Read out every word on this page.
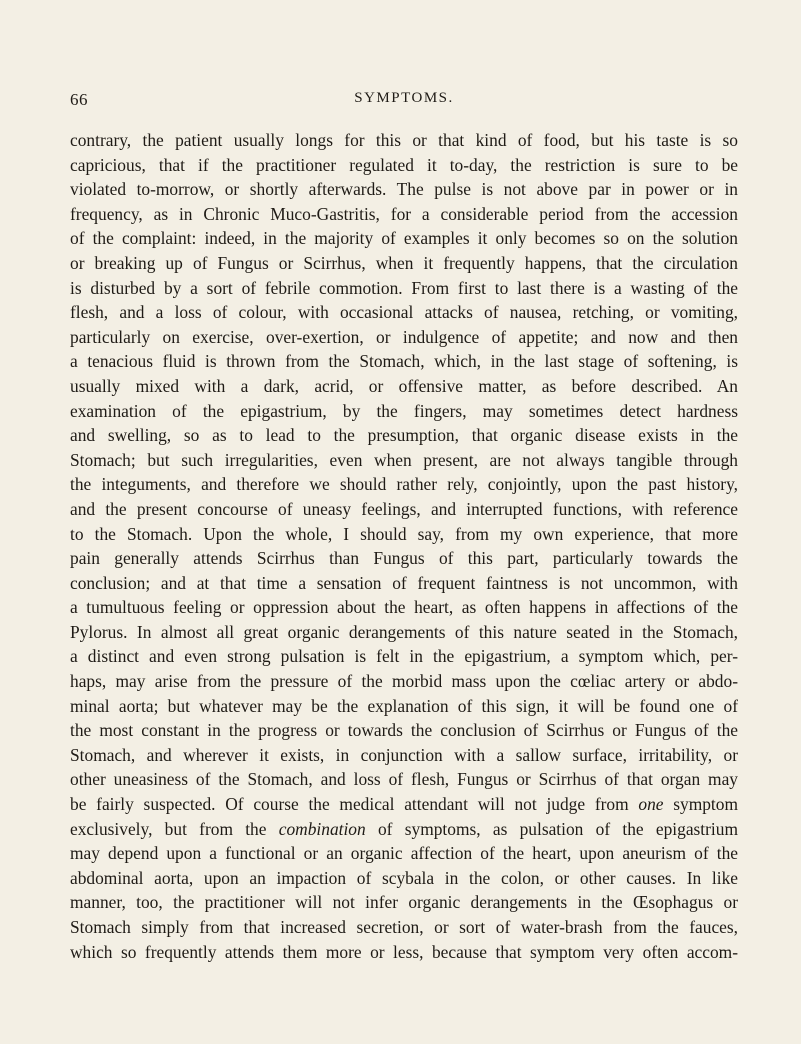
66	SYMPTOMS.
contrary, the patient usually longs for this or that kind of food, but his taste is so
capricious, that if the practitioner regulated it to-day, the restriction is sure to be
violated to-morrow, or shortly afterwards. The pulse is not above par in power or in
frequency, as in Chronic Muco-Gastritis, for a considerable period from the accession
of the complaint: indeed, in the majority of examples it only becomes so on the solution
or breaking up of Fungus or Scirrhus, when it frequently happens, that the circulation
is disturbed by a sort of febrile commotion. From first to last there is a wasting of the
flesh, and a loss of colour, with occasional attacks of nausea, retching, or vomiting,
particularly on exercise, over-exertion, or indulgence of appetite; and now and then
a tenacious fluid is thrown from the Stomach, which, in the last stage of softening, is
usually mixed with a dark, acrid, or offensive matter, as before described. An
examination of the epigastrium, by the fingers, may sometimes detect hardness
and swelling, so as to lead to the presumption, that organic disease exists in the
Stomach; but such irregularities, even when present, are not always tangible through
the integuments, and therefore we should rather rely, conjointly, upon the past history,
and the present concourse of uneasy feelings, and interrupted functions, with reference
to the Stomach. Upon the whole, I should say, from my own experience, that more
pain generally attends Scirrhus than Fungus of this part, particularly towards the
conclusion; and at that time a sensation of frequent faintness is not uncommon, with
a tumultuous feeling or oppression about the heart, as often happens in affections of the
Pylorus. In almost all great organic derangements of this nature seated in the Stomach,
a distinct and even strong pulsation is felt in the epigastrium, a symptom which, per-
haps, may arise from the pressure of the morbid mass upon the cœliac artery or abdo-
minal aorta; but whatever may be the explanation of this sign, it will be found one of
the most constant in the progress or towards the conclusion of Scirrhus or Fungus of the
Stomach, and wherever it exists, in conjunction with a sallow surface, irritability, or
other uneasiness of the Stomach, and loss of flesh, Fungus or Scirrhus of that organ may
be fairly suspected. Of course the medical attendant will not judge from one symptom
exclusively, but from the combination of symptoms, as pulsation of the epigastrium
may depend upon a functional or an organic affection of the heart, upon aneurism of the
abdominal aorta, upon an impaction of scybala in the colon, or other causes. In like
manner, too, the practitioner will not infer organic derangements in the Œsophagus or
Stomach simply from that increased secretion, or sort of water-brash from the fauces,
which so frequently attends them more or less, because that symptom very often accom-
